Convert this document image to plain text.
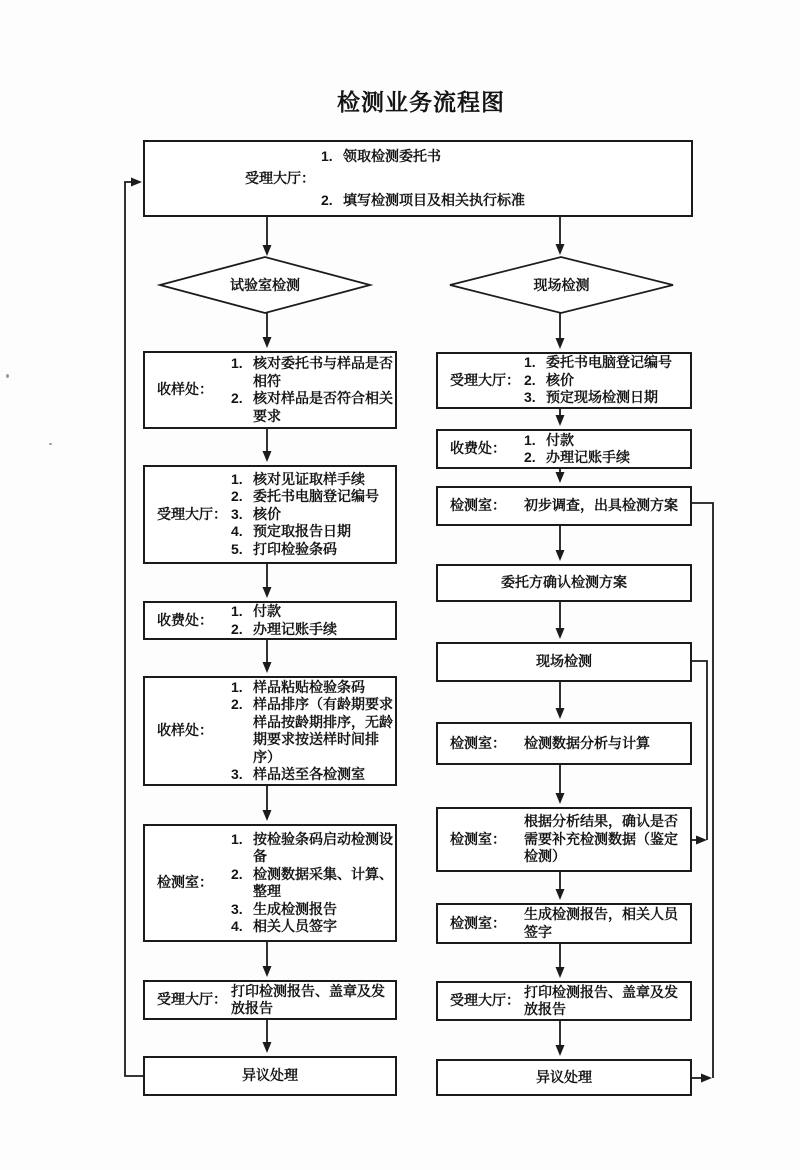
检测业务流程图
受理大厅：
1. 领取检测委托书
2. 填写检测项目及相关执行标准
试验室检测	现场检测
收样处：
1. 核对委托书与样品是否相符
2. 核对样品是否符合相关要求
受理大厅：
1. 核对见证取样手续
2. 委托书电脑登记编号
3. 核价
4. 预定取报告日期
5. 打印检验条码
收费处：
1. 付款
2. 办理记账手续
收样处：
1. 样品粘贴检验条码
2. 样品排序（有龄期要求样品按龄期排序，无龄期要求按送样时间排序）
3. 样品送至各检测室
检测室：
1. 按检验条码启动检测设备
2. 检测数据采集、计算、整理
3. 生成检测报告
4. 相关人员签字
受理大厅：
打印检测报告、盖章及发放报告
异议处理
受理大厅：
1. 委托书电脑登记编号
2. 核价
3. 预定现场检测日期
收费处：
1. 付款
2. 办理记账手续
检测室：	初步调查，出具检测方案
委托方确认检测方案
现场检测
检测室：	检测数据分析与计算
检测室：
根据分析结果，确认是否需要补充检测数据（鉴定检测）
检测室：
生成检测报告，相关人员签字
受理大厅：
打印检测报告、盖章及发放报告
异议处理
